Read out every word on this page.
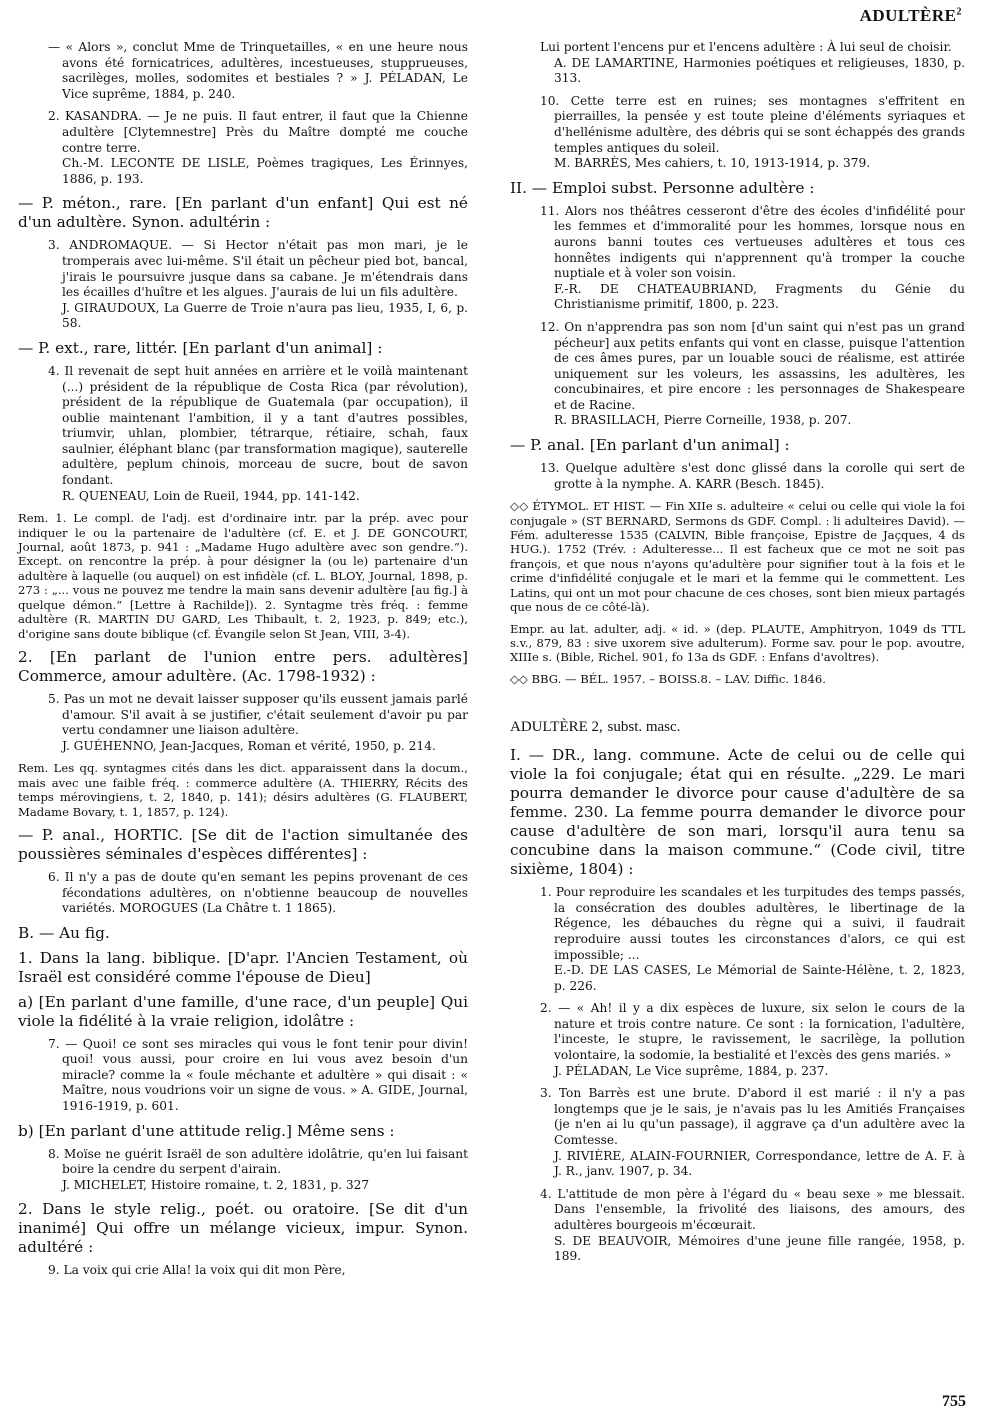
ADULTÈRE$^2$
— « Alors », conclut Mme de Trinquetailles, « en une heure nous avons été fornicatrices, adultères, incestueuses, stupprueuses, sacrilèges, molles, sodomites et bestiales ? » J. PÉLADAN, Le Vice suprême, 1884, p. 240.
2. KASANDRA. — Je ne puis. Il faut entrer, il faut que la Chienne adultère [Clytemnestre] Près du Maître dompté me couche contre terre.
Ch.-M. LECONTE DE LISLE, Poèmes tragiques, Les Érinnyes, 1886, p. 193.
— P. méton., rare. [En parlant d'un enfant] Qui est né d'un adultère. Synon. adultérin :
3. ANDROMAQUE. — Si Hector n'était pas mon mari, je le tromperais avec lui-même. S'il était un pêcheur pied bot, bancal, j'irais le poursuivre jusque dans sa cabane. Je m'étendrais dans les écailles d'huître et les algues. J'aurais de lui un fils adultère.
J. GIRAUDOUX, La Guerre de Troie n'aura pas lieu, 1935, I, 6, p. 58.
— P. ext., rare, littér. [En parlant d'un animal] :
4. Il revenait de sept huit années en arrière et le voilà maintenant (...) président de la république de Costa Rica (par révolution), président de la république de Guatemala (par occupation), il oublie maintenant l'ambition, il y a tant d'autres possibles, triumvir, uhlan, plombier, tétrarque, rétiaire, schah, faux saulnier, éléphant blanc (par transformation magique), sauterelle adultère, peplum chinois, morceau de sucre, bout de savon fondant.
R. QUENEAU, Loin de Rueil, 1944, pp. 141-142.
Rem. 1. Le compl. de l'adj. est d'ordinaire intr. par la prép. avec pour indiquer le ou la partenaire de l'adultère (cf. E. et J. DE GONCOURT, Journal, août 1873, p. 941 : „Madame Hugo adultère avec son gendre.“). Except. on rencontre la prép. à pour désigner la (ou le) partenaire d'un adultère à laquelle (ou auquel) on est infidèle (cf. L. BLOY, Journal, 1898, p. 273 : „... vous ne pouvez me tendre la main sans devenir adultère [au fig.] à quelque démon.“ [Lettre à Rachilde]). 2. Syntagme très fréq. : femme adultère (R. MARTIN DU GARD, Les Thibault, t. 2, 1923, p. 849; etc.), d'origine sans doute biblique (cf. Évangile selon St Jean, VIII, 3-4).
2. [En parlant de l'union entre pers. adultères] Commerce, amour adultère. (Ac. 1798-1932) :
5. Pas un mot ne devait laisser supposer qu'ils eussent jamais parlé d'amour. S'il avait à se justifier, c'était seulement d'avoir pu par vertu condamner une liaison adultère.
J. GUÉHENNO, Jean-Jacques, Roman et vérité, 1950, p. 214.
Rem. Les qq. syntagmes cités dans les dict. apparaissent dans la docum., mais avec une faible fréq. : commerce adultère (A. THIERRY, Récits des temps mérovingiens, t. 2, 1840, p. 141); désirs adultères (G. FLAUBERT, Madame Bovary, t. 1, 1857, p. 124).
— P. anal., HORTIC. [Se dit de l'action simultanée des poussières séminales d'espèces différentes] :
6. Il n'y a pas de doute qu'en semant les pepins provenant de ces fécondations adultères, on n'obtienne beaucoup de nouvelles variétés. MOROGUES (La Châtre t. 1 1865).
B. — Au fig.
1. Dans la lang. biblique. [D'apr. l'Ancien Testament, où Israël est considéré comme l'épouse de Dieu]
a) [En parlant d'une famille, d'une race, d'un peuple] Qui viole la fidélité à la vraie religion, idolâtre :
7. — Quoi! ce sont ses miracles qui vous le font tenir pour divin! quoi! vous aussi, pour croire en lui vous avez besoin d'un miracle? comme la « foule méchante et adultère » qui disait : « Maître, nous voudrions voir un signe de vous. » A. GIDE, Journal, 1916-1919, p. 601.
b) [En parlant d'une attitude relig.] Même sens :
8. Moïse ne guérit Israël de son adultère idolâtrie, qu'en lui faisant boire la cendre du serpent d'airain.
J. MICHELET, Histoire romaine, t. 2, 1831, p. 327
2. Dans le style relig., poét. ou oratoire. [Se dit d'un inanimé] Qui offre un mélange vicieux, impur. Synon. adultéré :
9. La voix qui crie Alla! la voix qui dit mon Père,
Lui portent l'encens pur et l'encens adultère : À lui seul de choisir.
A. DE LAMARTINE, Harmonies poétiques et religieuses, 1830, p. 313.
10. Cette terre est en ruines; ses montagnes s'effritent en pierrailles, la pensée y est toute pleine d'éléments syriaques et d'hellénisme adultère, des débris qui se sont échappés des grands temples antiques du soleil.
M. BARRÈS, Mes cahiers, t. 10, 1913-1914, p. 379.
II. — Emploi subst. Personne adultère :
11. Alors nos théâtres cesseront d'être des écoles d'infidélité pour les femmes et d'immoralité pour les hommes, lorsque nous en aurons banni toutes ces vertueuses adultères et tous ces honnêtes indigents qui n'apprennent qu'à tromper la couche nuptiale et à voler son voisin.
F.-R. DE CHATEAUBRIAND, Fragments du Génie du Christianisme primitif, 1800, p. 223.
12. On n'apprendra pas son nom [d'un saint qui n'est pas un grand pécheur] aux petits enfants qui vont en classe, puisque l'attention de ces âmes pures, par un louable souci de réalisme, est attirée uniquement sur les voleurs, les assassins, les adultères, les concubinaires, et pire encore : les personnages de Shakespeare et de Racine.
R. BRASILLACH, Pierre Corneille, 1938, p. 207.
— P. anal. [En parlant d'un animal] :
13. Quelque adultère s'est donc glissé dans la corolle qui sert de grotte à la nymphe. A. KARR (Besch. 1845).
◇◇ ÉTYMOL. ET HIST. — Fin XIIe s. adulteire « celui ou celle qui viole la foi conjugale » (ST BERNARD, Sermons ds GDF. Compl. : li adulteires David). — Fém. adulteresse 1535 (CALVIN, Bible françoise, Epistre de Jaçques, 4 ds HUG.). 1752 (Trév. : Adulteresse... Il est facheux que ce mot ne soit pas françois, et que nous n'ayons qu'adultère pour signifier tout à la fois et le crime d'infidélité conjugale et le mari et la femme qui le commettent. Les Latins, qui ont un mot pour chacune de ces choses, sont bien mieux partagés que nous de ce côté-là).
Empr. au lat. adulter, adj. « id. » (dep. PLAUTE, Amphitryon, 1049 ds TTL s.v., 879, 83 : sive uxorem sive adulterum). Forme sav. pour le pop. avoutre, XIIIe s. (Bible, Richel. 901, fo 13a ds GDF. : Enfans d'avoltres).
◇◇ BBG. — BÉL. 1957. – BOISS.8. – LAV. Diffic. 1846.
ADULTÈRE 2, subst. masc.
I. — DR., lang. commune. Acte de celui ou de celle qui viole la foi conjugale; état qui en résulte. „229. Le mari pourra demander le divorce pour cause d'adultère de sa femme. 230. La femme pourra demander le divorce pour cause d'adultère de son mari, lorsqu'il aura tenu sa concubine dans la maison commune.“ (Code civil, titre sixième, 1804) :
1. Pour reproduire les scandales et les turpitudes des temps passés, la consécration des doubles adultères, le libertinage de la Régence, les débauches du règne qui a suivi, il faudrait reproduire aussi toutes les circonstances d'alors, ce qui est impossible; ...
E.-D. DE LAS CASES, Le Mémorial de Sainte-Hélène, t. 2, 1823, p. 226.
2. — « Ah! il y a dix espèces de luxure, six selon le cours de la nature et trois contre nature. Ce sont : la fornication, l'adultère, l'inceste, le stupre, le ravissement, le sacrilège, la pollution volontaire, la sodomie, la bestialité et l'excès des gens mariés. »
J. PÉLADAN, Le Vice suprême, 1884, p. 237.
3. Ton Barrès est une brute. D'abord il est marié : il n'y a pas longtemps que je le sais, je n'avais pas lu les Amitiés Françaises (je n'en ai lu qu'un passage), il aggrave ça d'un adultère avec la Comtesse.
J. RIVIÈRE, ALAIN-FOURNIER, Correspondance, lettre de A. F. à J. R., janv. 1907, p. 34.
4. L'attitude de mon père à l'égard du « beau sexe » me blessait. Dans l'ensemble, la frivolité des liaisons, des amours, des adultères bourgeois m'écœurait.
S. DE BEAUVOIR, Mémoires d'une jeune fille rangée, 1958, p. 189.
755
